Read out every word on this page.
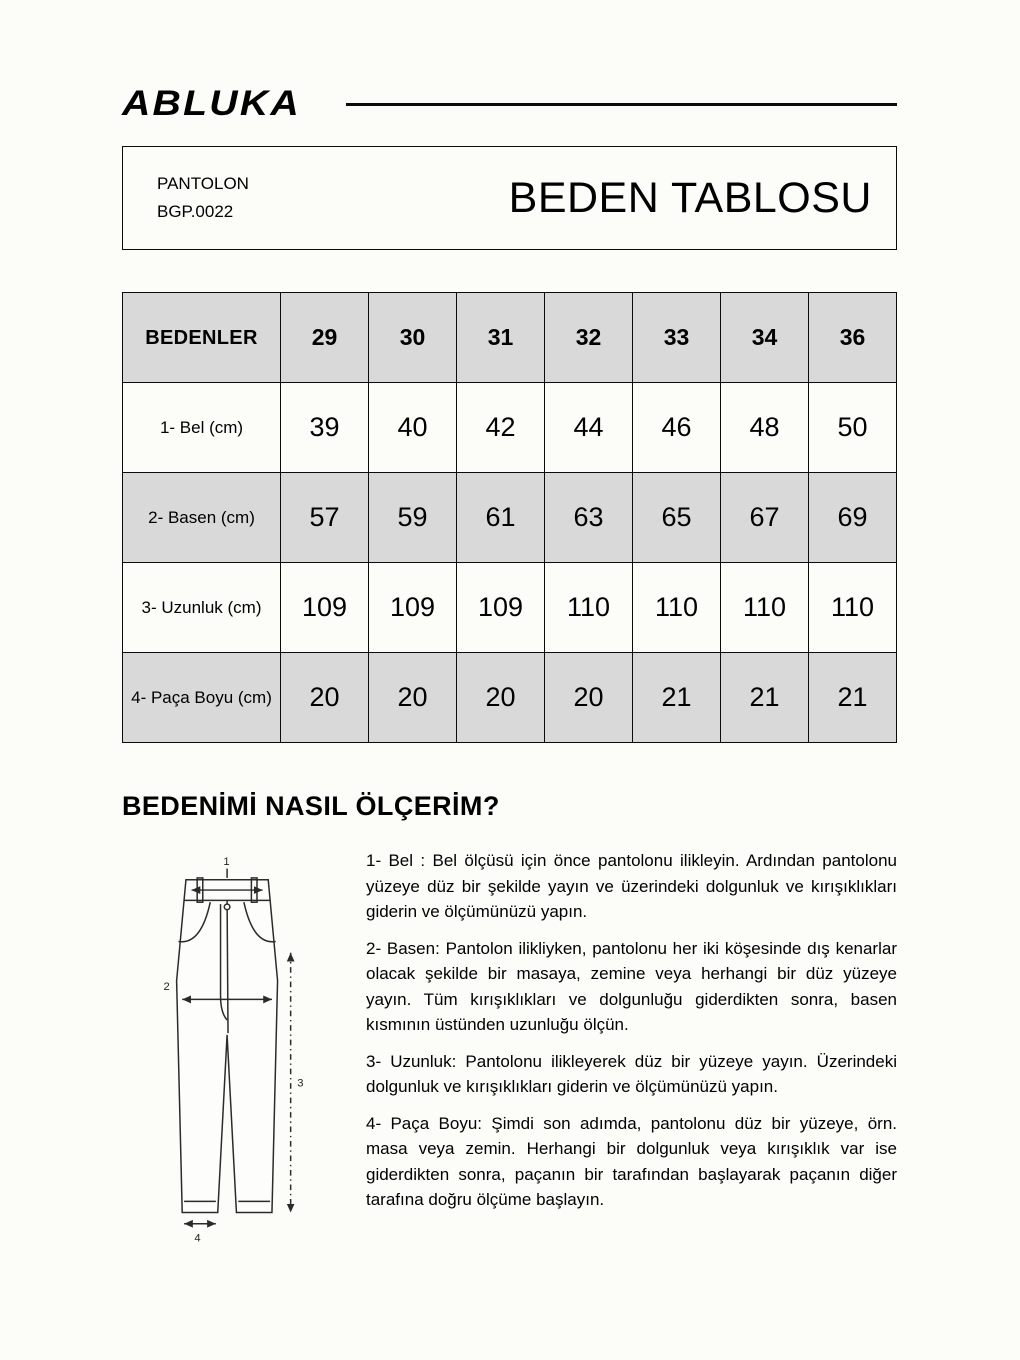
ABLUKA
PANTOLON
BGP.0022	BEDEN TABLOSU
BEDENLER	29	30	31	32	33	34	36
1- Bel (cm)	39	40	42	44	46	48	50
2- Basen (cm)	57	59	61	63	65	67	69
3- Uzunluk (cm)	109	109	109	110	110	110	110
4- Paça Boyu (cm)	20	20	20	20	21	21	21
BEDENİMİ NASIL ÖLÇERİM?
1
2
3
4

1- Bel : Bel ölçüsü için önce pantolonu ilikleyin. Ardından pantolonu yüzeye düz bir şekilde yayın ve üzerindeki dolgunluk ve kırışıklıkları giderin ve ölçümünüzü yapın.

2- Basen: Pantolon ilikliyken, pantolonu her iki köşesinde dış kenarlar olacak şekilde bir masaya, zemine veya herhangi bir düz yüzeye yayın. Tüm kırışıklıkları ve dolgunluğu giderdikten sonra, basen kısmının üstünden uzunluğu ölçün.

3- Uzunluk: Pantolonu ilikleyerek düz bir yüzeye yayın. Üzerindeki dolgunluk ve kırışıklıkları giderin ve ölçümünüzü yapın.

4- Paça Boyu: Şimdi son adımda, pantolonu düz bir yüzeye, örn. masa veya zemin. Herhangi bir dolgunluk veya kırışıklık var ise giderdikten sonra, paçanın bir tarafından başlayarak paçanın diğer tarafına doğru ölçüme başlayın.
